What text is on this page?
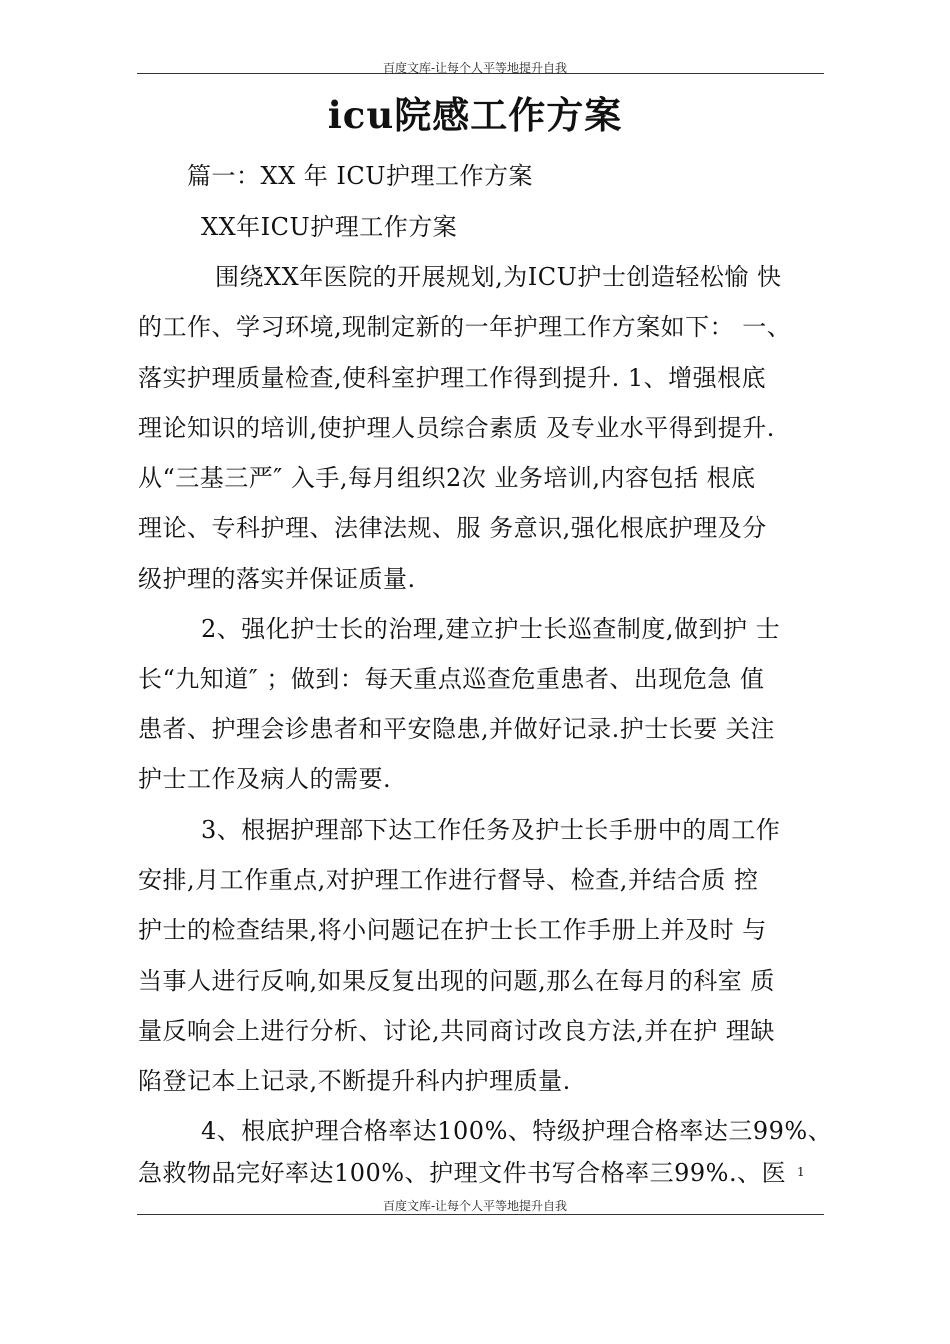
百度文库-让每个人平等地提升自我
icu院感工作方案
篇一：XX 年 ICU护理工作方案
XX年ICU护理工作方案
围绕XX年医院的开展规划,为ICU护士创造轻松愉 快
的工作、学习环境,现制定新的一年护理工作方案如下： 一、
落实护理质量检查,使科室护理工作得到提升. 1、增强根底
理论知识的培训,使护理人员综合素质 及专业水平得到提升.
从“三基三严″ 入手,每月组织2次 业务培训,内容包括 根底
理论、专科护理、法律法规、服 务意识,强化根底护理及分
级护理的落实并保证质量.
2、强化护士长的治理,建立护士长巡查制度,做到护 士
长“九知道″ ；做到：每天重点巡查危重患者、出现危急 值
患者、护理会诊患者和平安隐患,并做好记录.护士长要 关注
护士工作及病人的需要.
3、根据护理部下达工作任务及护士长手册中的周工作
安排,月工作重点,对护理工作进行督导、检查,并结合质 控
护士的检查结果,将小问题记在护士长工作手册上并及时 与
当事人进行反响,如果反复出现的问题,那么在每月的科室 质
量反响会上进行分析、讨论,共同商讨改良方法,并在护 理缺
陷登记本上记录,不断提升科内护理质量.
4、根底护理合格率达100%、特级护理合格率达三99%、
急救物品完好率达100%、护理文件书写合格率三99%.、医 1
百度文库-让每个人平等地提升自我
